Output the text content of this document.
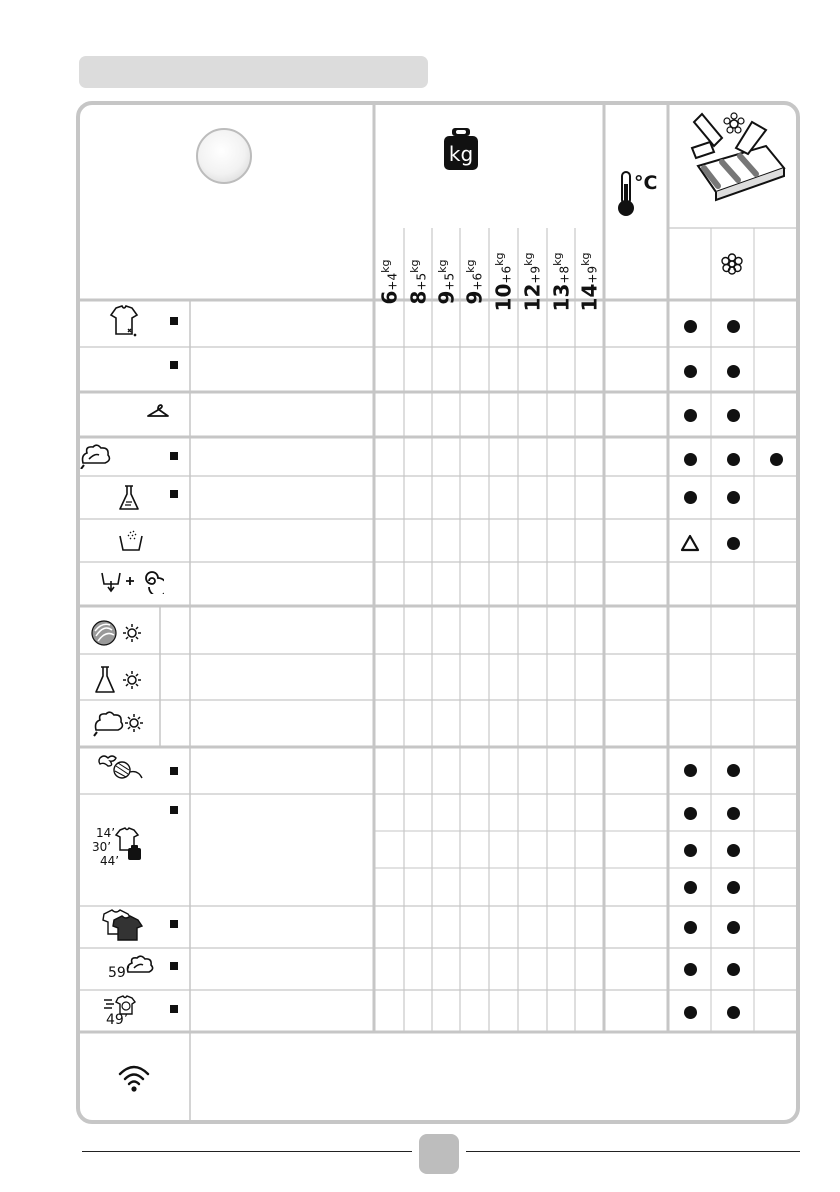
kg
°C
$6+4^{kg}$
$8+5^{kg}$
$9+5^{kg}$
$9+6^{kg}$
$10+6^{kg}$
$12+9^{kg}$
$13+8^{kg}$
$14+9^{kg}$
14’
30’
44’
59’
49’
